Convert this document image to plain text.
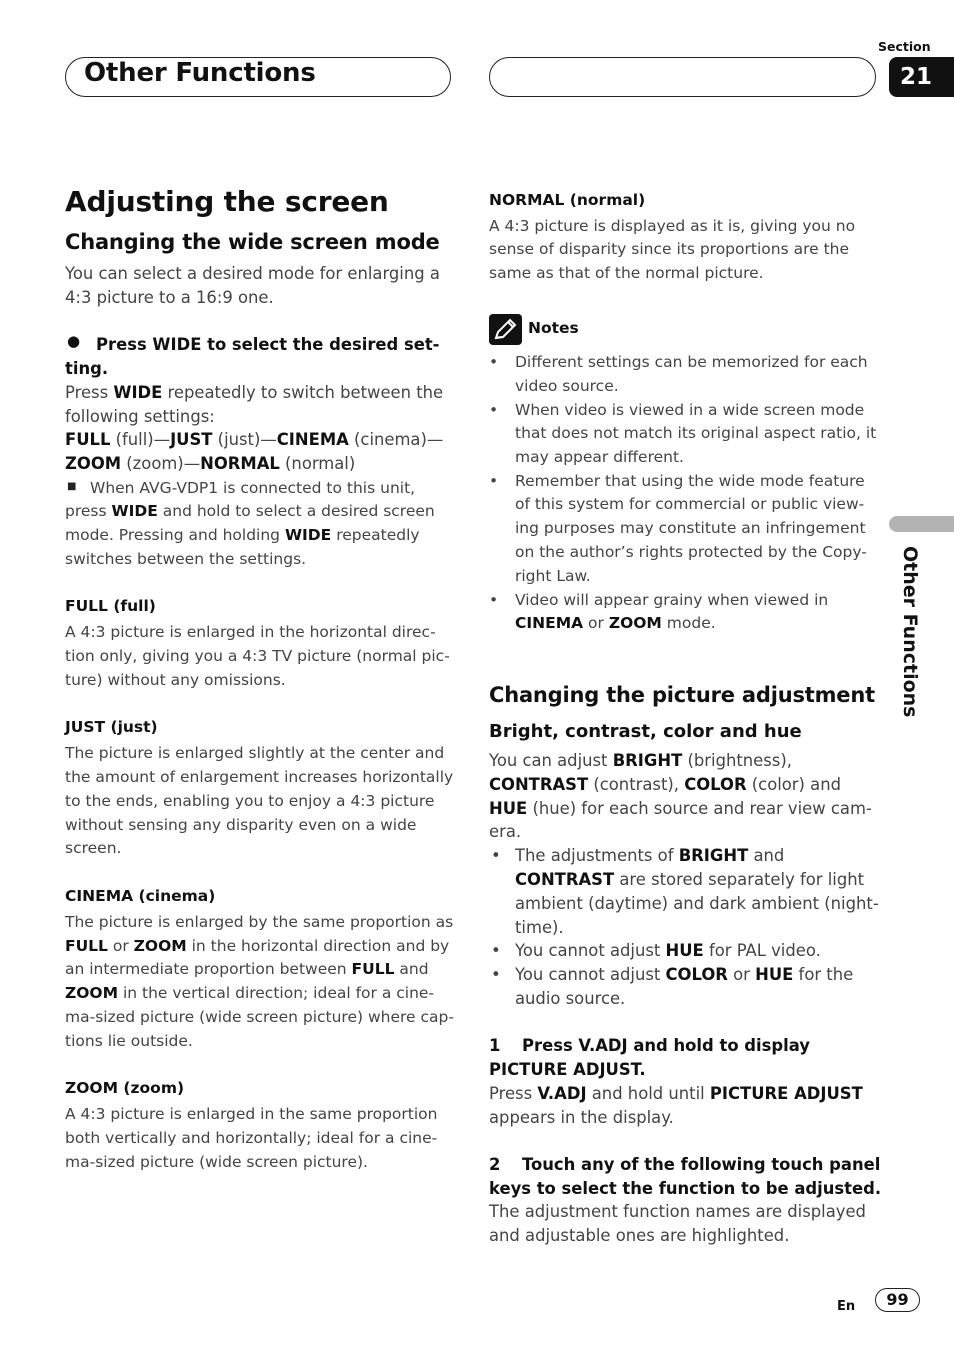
Other Functions
Section
21
Other Functions
Adjusting the screen
Changing the wide screen mode
You can select a desired mode for enlarging a
4:3 picture to a 16:9 one.
● Press WIDE to select the desired set-
ting.
Press WIDE repeatedly to switch between the
following settings:
FULL (full)—JUST (just)—CINEMA (cinema)—
ZOOM (zoom)—NORMAL (normal)
■ When AVG-VDP1 is connected to this unit,
press WIDE and hold to select a desired screen
mode. Pressing and holding WIDE repeatedly
switches between the settings.
FULL (full)
A 4:3 picture is enlarged in the horizontal direc-
tion only, giving you a 4:3 TV picture (normal pic-
ture) without any omissions.
JUST (just)
The picture is enlarged slightly at the center and
the amount of enlargement increases horizontally
to the ends, enabling you to enjoy a 4:3 picture
without sensing any disparity even on a wide
screen.
CINEMA (cinema)
The picture is enlarged by the same proportion as
FULL or ZOOM in the horizontal direction and by
an intermediate proportion between FULL and
ZOOM in the vertical direction; ideal for a cine-
ma-sized picture (wide screen picture) where cap-
tions lie outside.
ZOOM (zoom)
A 4:3 picture is enlarged in the same proportion
both vertically and horizontally; ideal for a cine-
ma-sized picture (wide screen picture).
NORMAL (normal)
A 4:3 picture is displayed as it is, giving you no
sense of disparity since its proportions are the
same as that of the normal picture.
Notes
• Different settings can be memorized for each
video source.
• When video is viewed in a wide screen mode
that does not match its original aspect ratio, it
may appear different.
• Remember that using the wide mode feature
of this system for commercial or public view-
ing purposes may constitute an infringement
on the author’s rights protected by the Copy-
right Law.
• Video will appear grainy when viewed in
CINEMA or ZOOM mode.
Changing the picture adjustment
Bright, contrast, color and hue
You can adjust BRIGHT (brightness),
CONTRAST (contrast), COLOR (color) and
HUE (hue) for each source and rear view cam-
era.
• The adjustments of BRIGHT and
CONTRAST are stored separately for light
ambient (daytime) and dark ambient (night-
time).
• You cannot adjust HUE for PAL video.
• You cannot adjust COLOR or HUE for the
audio source.
1 Press V.ADJ and hold to display
PICTURE ADJUST.
Press V.ADJ and hold until PICTURE ADJUST
appears in the display.
2 Touch any of the following touch panel
keys to select the function to be adjusted.
The adjustment function names are displayed
and adjustable ones are highlighted.
En	99
